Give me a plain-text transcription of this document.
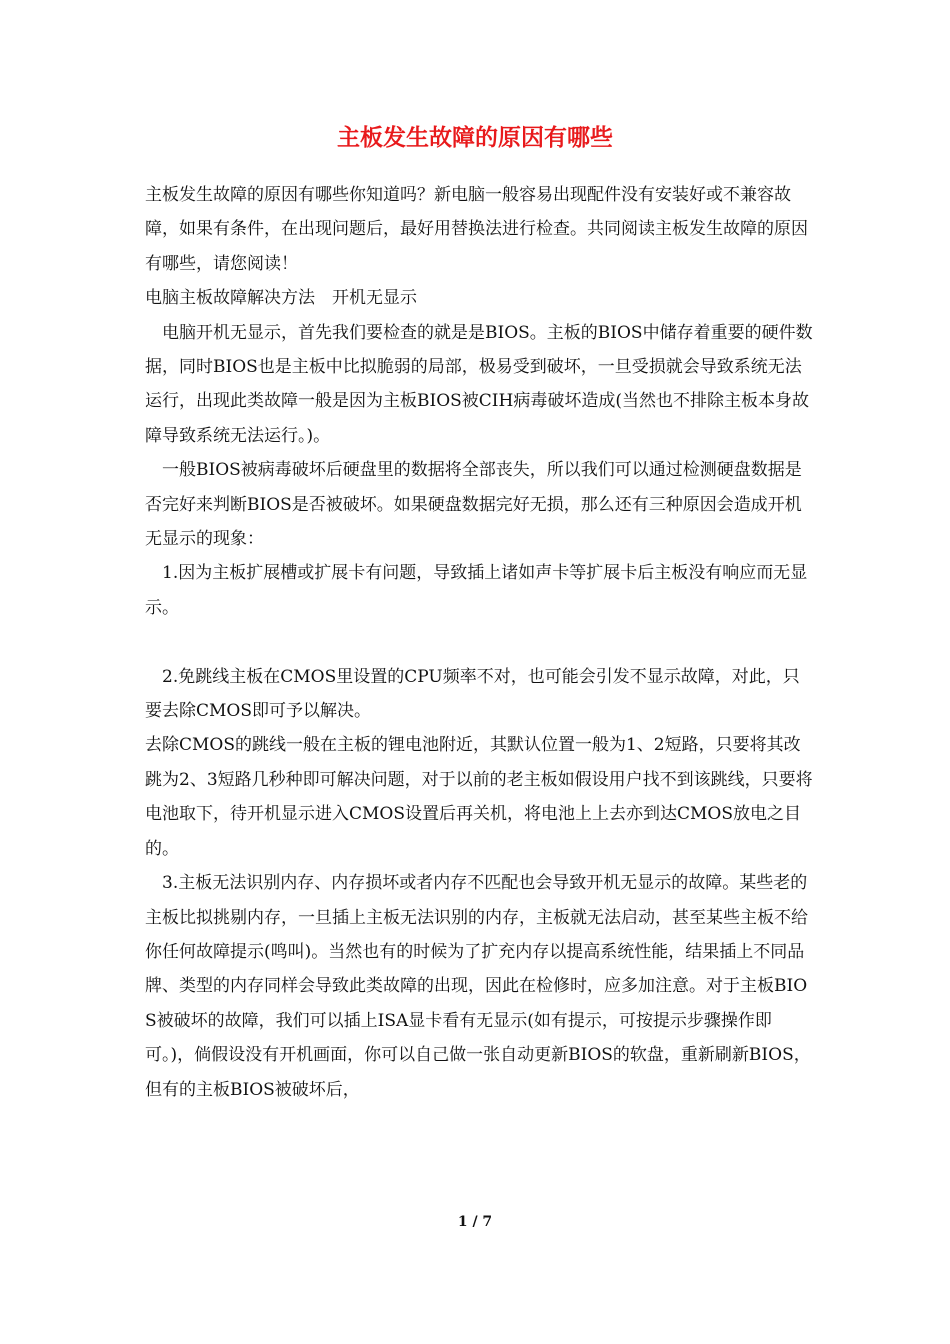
主板发生故障的原因有哪些

主板发生故障的原因有哪些你知道吗？新电脑一般容易出现配件没有安装好或不兼容故障，如果有条件，在出现问题后，最好用替换法进行检查。共同阅读主板发生故障的原因有哪些，请您阅读！

电脑主板故障解决方法　开机无显示

电脑开机无显示，首先我们要检查的就是是BIOS。主板的BIOS中储存着重要的硬件数据，同时BIOS也是主板中比拟脆弱的局部，极易受到破坏，一旦受损就会导致系统无法运行，出现此类故障一般是因为主板BIOS被CIH病毒破坏造成(当然也不排除主板本身故障导致系统无法运行。)。

一般BIOS被病毒破坏后硬盘里的数据将全部丧失，所以我们可以通过检测硬盘数据是否完好来判断BIOS是否被破坏。如果硬盘数据完好无损，那么还有三种原因会造成开机无显示的现象：

1.因为主板扩展槽或扩展卡有问题，导致插上诸如声卡等扩展卡后主板没有响应而无显示。

2.免跳线主板在CMOS里设置的CPU频率不对，也可能会引发不显示故障，对此，只要去除CMOS即可予以解决。

去除CMOS的跳线一般在主板的锂电池附近，其默认位置一般为1、2短路，只要将其改跳为2、3短路几秒种即可解决问题，对于以前的老主板如假设用户找不到该跳线，只要将电池取下，待开机显示进入CMOS设置后再关机，将电池上上去亦到达CMOS放电之目的。

3.主板无法识别内存、内存损坏或者内存不匹配也会导致开机无显示的故障。某些老的主板比拟挑剔内存，一旦插上主板无法识别的内存，主板就无法启动，甚至某些主板不给你任何故障提示(鸣叫)。当然也有的时候为了扩充内存以提高系统性能，结果插上不同品牌、类型的内存同样会导致此类故障的出现，因此在检修时，应多加注意。对于主板BIOS被破坏的故障，我们可以插上ISA显卡看有无显示(如有提示，可按提示步骤操作即可。)，倘假设没有开机画面，你可以自己做一张自动更新BIOS的软盘，重新刷新BIOS，但有的主板BIOS被破坏后，

1 / 7
